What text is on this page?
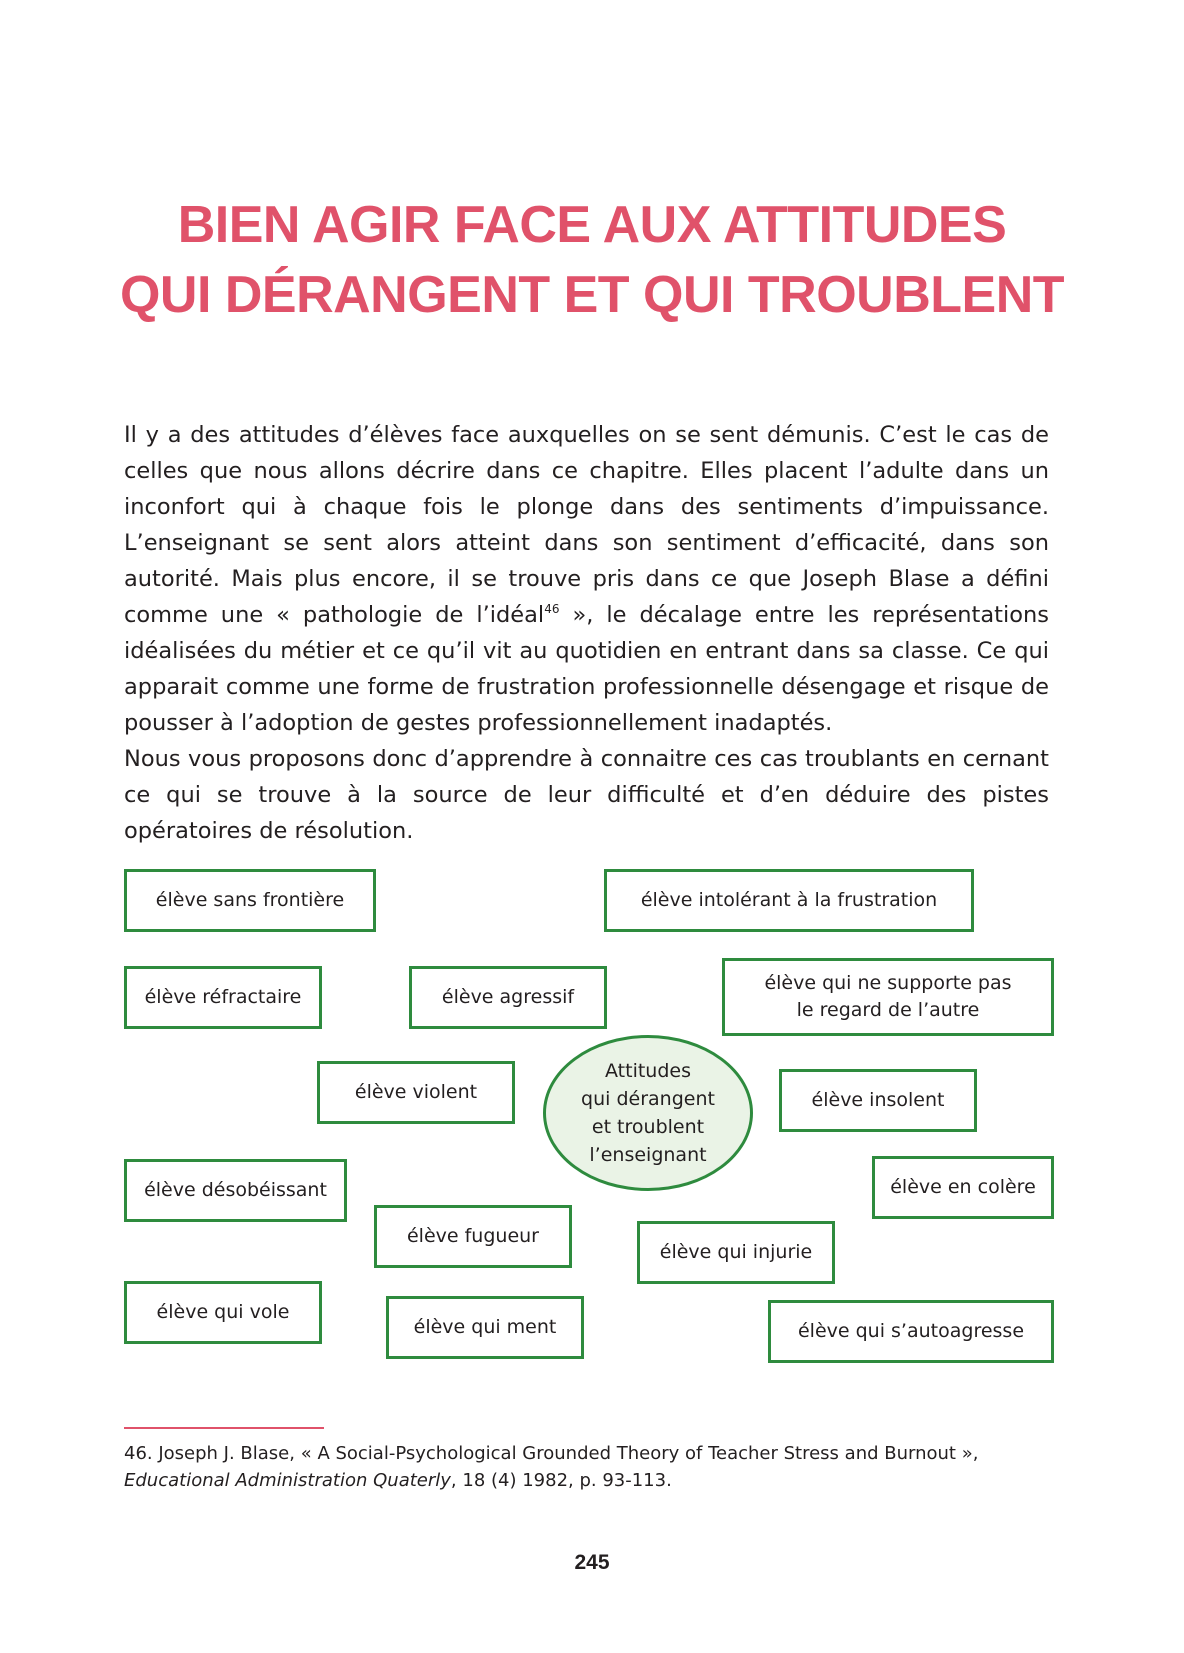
BIEN AGIR FACE AUX ATTITUDES
QUI DÉRANGENT ET QUI TROUBLENT

Il y a des attitudes d’élèves face auxquelles on se sent démunis. C’est le cas de celles que nous allons décrire dans ce chapitre. Elles placent l’adulte dans un inconfort qui à chaque fois le plonge dans des sentiments d’impuissance. L’enseignant se sent alors atteint dans son sentiment d’efficacité, dans son autorité. Mais plus encore, il se trouve pris dans ce que Joseph Blase a défini comme une « pathologie de l’idéal$^{46}$ », le décalage entre les représentations idéalisées du métier et ce qu’il vit au quotidien en entrant dans sa classe. Ce qui apparait comme une forme de frustration professionnelle désengage et risque de pousser à l’adoption de gestes professionnellement inadaptés.

Nous vous proposons donc d’apprendre à connaitre ces cas troublants en cernant ce qui se trouve à la source de leur difficulté et d’en déduire des pistes opératoires de résolution.

élève sans frontière	élève intolérant à la frustration
élève réfractaire	élève agressif
élève qui ne supporte pas
le regard de l’autre
élève violent
Attitudes
qui dérangent
et troublent
l’enseignant
élève insolent
élève désobéissant	élève en colère
élève fugueur
élève qui injurie
élève qui vole
élève qui ment	élève qui s’autoagresse
46. Joseph J. Blase, « A Social-Psychological Grounded Theory of Teacher Stress and Burnout »,
Educational Administration Quaterly, 18 (4) 1982, p. 93-113.
245
